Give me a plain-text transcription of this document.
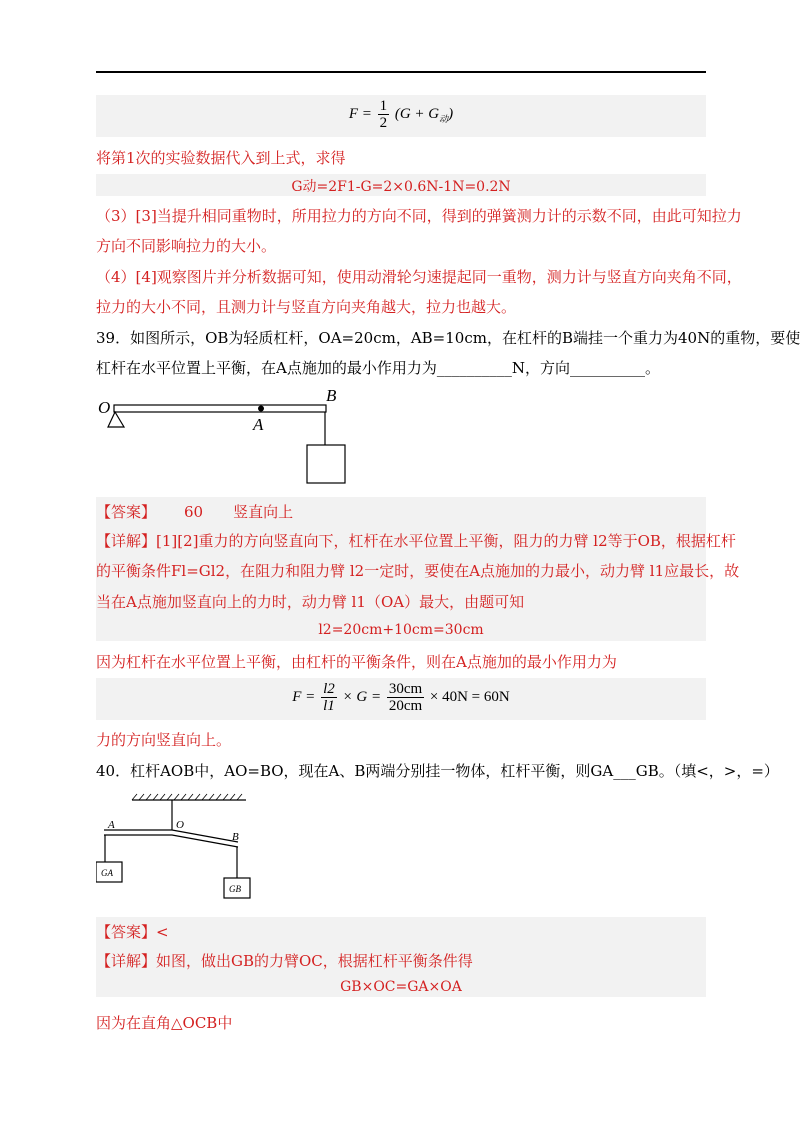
$F = \frac{1}{2} (G + G_动)$
将第1次的实验数据代入到上式，求得
G动=2F1-G=2×0.6N-1N=0.2N
（3）[3]当提升相同重物时，所用拉力的方向不同，得到的弹簧测力计的示数不同，由此可知拉力
方向不同影响拉力的大小。
（4）[4]观察图片并分析数据可知，使用动滑轮匀速提起同一重物，测力计与竖直方向夹角不同，
拉力的大小不同，且测力计与竖直方向夹角越大，拉力也越大。
39．如图所示，OB为轻质杠杆，OA=20cm，AB=10cm，在杠杆的B端挂一个重力为40N的重物，要使
杠杆在水平位置上平衡，在A点施加的最小作用力为__________N，方向__________。
O
A
B
【答案】 60 竖直向上
【详解】[1][2]重力的方向竖直向下，杠杆在水平位置上平衡，阻力的力臂 l2等于OB，根据杠杆
的平衡条件Fl=Gl2，在阻力和阻力臂 l2一定时，要使在A点施加的力最小，动力臂 l1应最长，故
当在A点施加竖直向上的力时，动力臂 l1（OA）最大，由题可知
l2=20cm+10cm=30cm
因为杠杆在水平位置上平衡，由杠杆的平衡条件，则在A点施加的最小作用力为
$F = \frac{l2}{l1} \times G = \frac{30cm}{20cm} \times 40N = 60N$
力的方向竖直向上。
40．杠杆AOB中，AO=BO，现在A、B两端分别挂一物体，杠杆平衡，则GA___GB。（填<，>，=）
A	O
B
GA
GB
【答案】<
【详解】如图，做出GB的力臂OC，根据杠杆平衡条件得
GB×OC=GA×OA
因为在直角△OCB中
